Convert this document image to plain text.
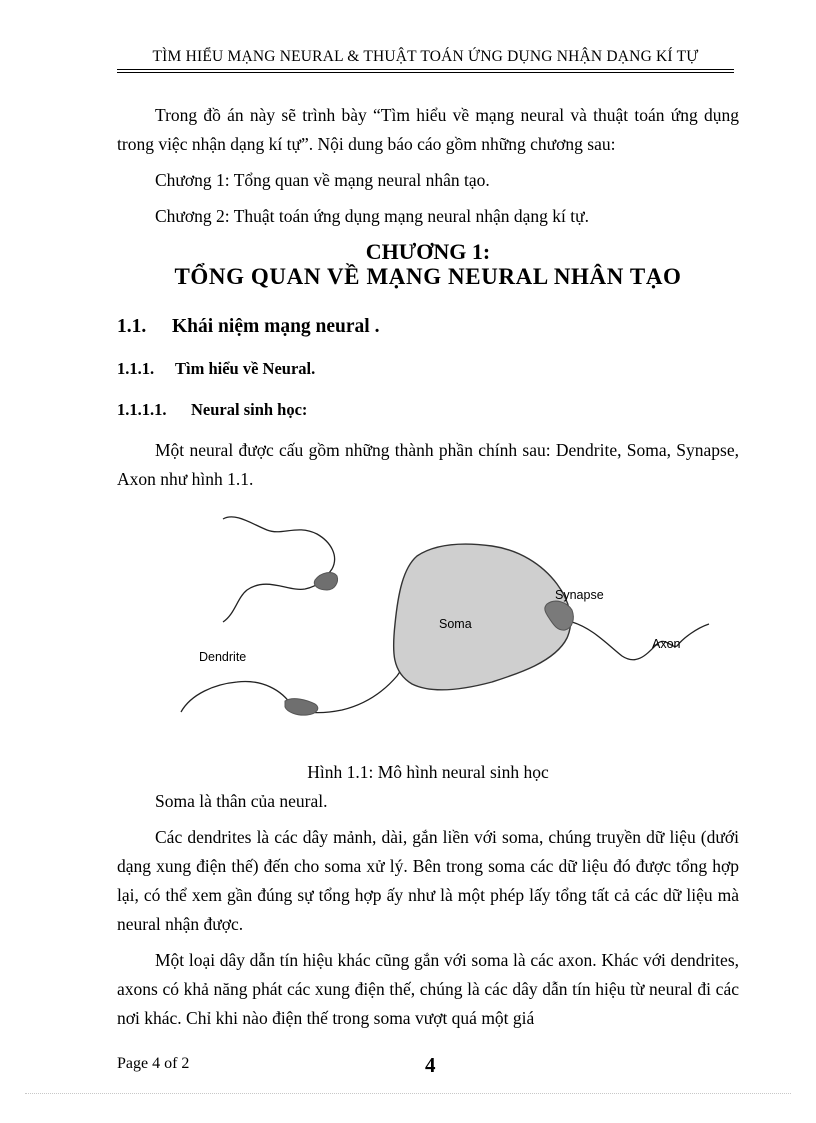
TÌM HIỂU MẠNG NEURAL & THUẬT TOÁN ỨNG DỤNG NHẬN DẠNG KÍ TỰ

Trong đồ án này sẽ trình bày “Tìm hiểu về mạng neural và thuật toán ứng dụng trong việc nhận dạng kí tự”. Nội dung báo cáo gồm những chương sau:

Chương 1: Tổng quan về mạng neural nhân tạo.

Chương 2: Thuật toán ứng dụng mạng neural nhận dạng kí tự.

CHƯƠNG 1:
TỔNG QUAN VỀ MẠNG NEURAL NHÂN TẠO
1.1. Khái niệm mạng neural .
1.1.1. Tìm hiểu về Neural.
1.1.1.1. Neural sinh học:

Một neural được cấu gồm những thành phần chính sau: Dendrite, Soma, Synapse, Axon như hình 1.1.

Soma
Synapse
Axon
Dendrite

Hình 1.1: Mô hình neural sinh học

Soma là thân của neural.

Các dendrites là các dây mảnh, dài, gắn liền với soma, chúng truyền dữ liệu (dưới dạng xung điện thế) đến cho soma xử lý. Bên trong soma các dữ liệu đó được tổng hợp lại, có thể xem gần đúng sự tổng hợp ấy như là một phép lấy tổng tất cả các dữ liệu mà neural nhận được.

Một loại dây dẫn tín hiệu khác cũng gắn với soma là các axon. Khác với dendrites, axons có khả năng phát các xung điện thế, chúng là các dây dẫn tín hiệu từ neural đi các nơi khác. Chỉ khi nào điện thế trong soma vượt quá một giá

Page 4 of 2	4
